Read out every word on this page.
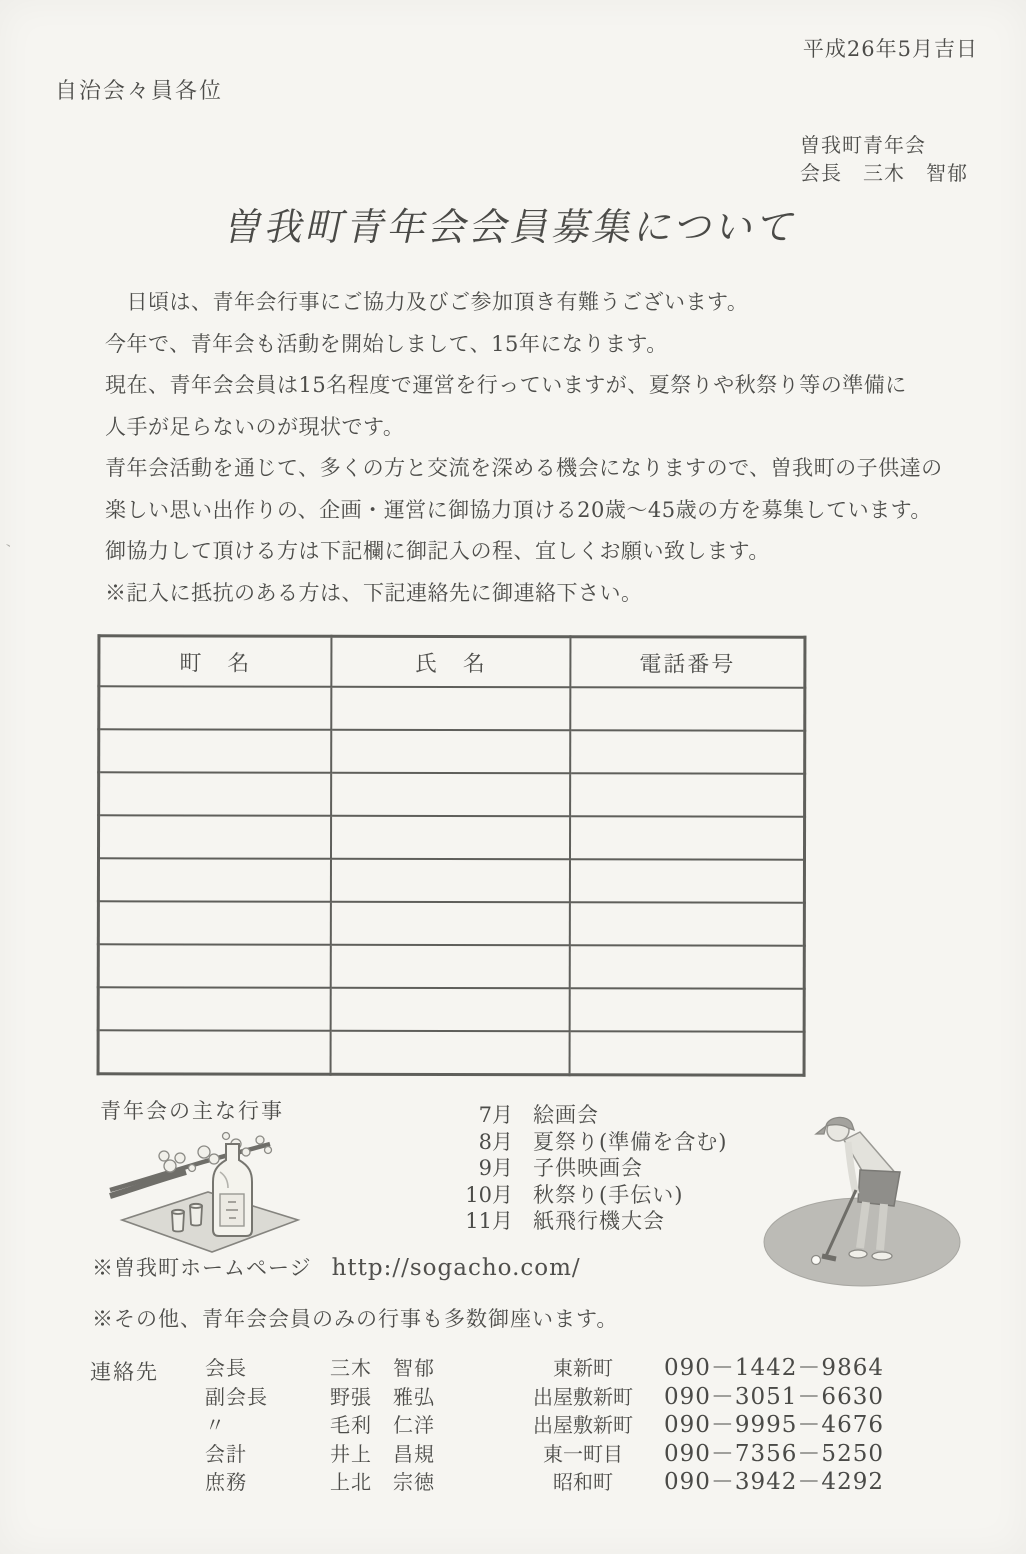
平成26年5月吉日
自治会々員各位
曽我町青年会
会長　三木　智郁
、
曽我町青年会会員募集について
　日頃は、青年会行事にご協力及びご参加頂き有難うございます。
今年で、青年会も活動を開始しまして、15年になります。
現在、青年会会員は15名程度で運営を行っていますが、夏祭りや秋祭り等の準備に
人手が足らないのが現状です。
青年会活動を通じて、多くの方と交流を深める機会になりますので、曽我町の子供達の
楽しい思い出作りの、企画・運営に御協力頂ける20歳～45歳の方を募集しています。
御協力して頂ける方は下記欄に御記入の程、宜しくお願い致します。
※記入に抵抗のある方は、下記連絡先に御連絡下さい。
町　名	氏　名	電話番号

青年会の主な行事	7月 絵画会
8月 夏祭り(準備を含む)
9月 子供映画会
10月 秋祭り(手伝い)
11月 紙飛行機大会
※曽我町ホームページ http://sogacho.com/
※その他、青年会会員のみの行事も多数御座います。
連絡先 会長	三木　智郁	東新町 090－1442－9864
副会長	野張　雅弘	出屋敷新町 090－3051－6630
〃	毛利　仁洋	出屋敷新町 090－9995－4676
会計	井上　昌規	東一町目 090－7356－5250
庶務	上北　宗徳	昭和町 090－3942－4292
